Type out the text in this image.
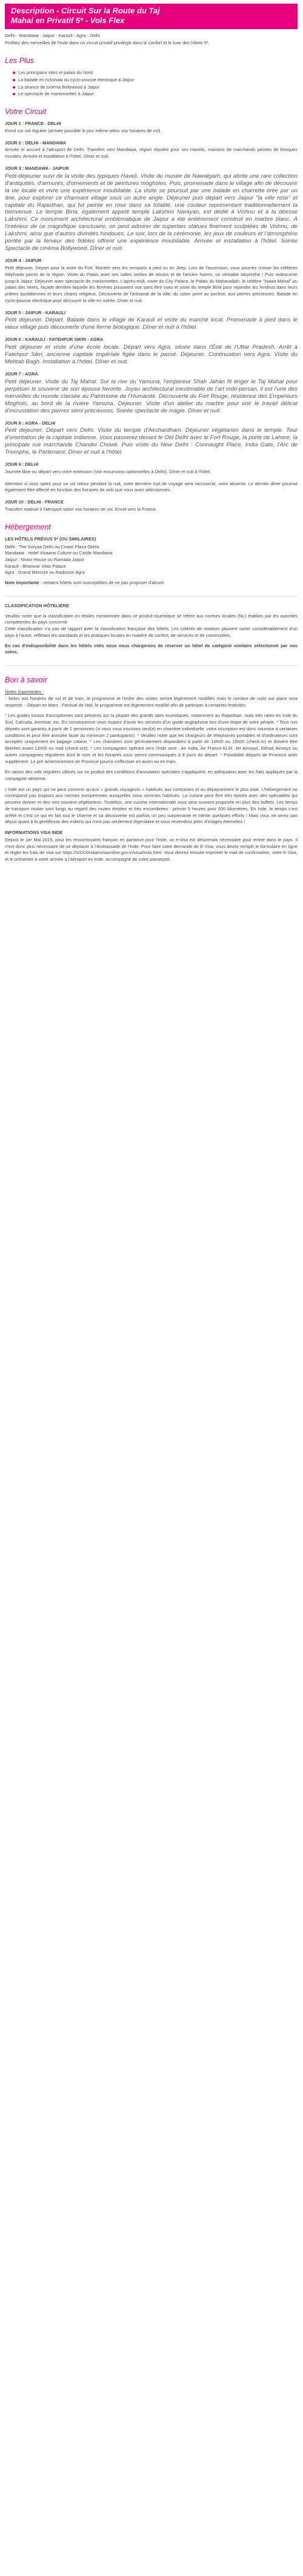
Description - Circuit Sur la Route du Taj
Mahal en Privatif 5* - Vols Flex

Delhi - Mandawa - Jaipur - Karauli - Agra - Delhi

Profitez des merveilles de l'Inde dans un circuit privatif privilégié dans le confort et le luxe des hôtels 5*.

Les Plus
Les principaux sites et palais du Nord
La balade en rickshaw ou cyclo-pousse électrique à Jaipur
La séance de cinéma Bollywood à Jaipur
Le spectacle de marionnettes à Jaipur
Votre Circuit
JOUR 1 : FRANCE - DELHI

Envol sur vol régulier (arrivée possible le jour même selon vos horaires de vol).

JOUR 2 : DELHI - MANDAWA

Arrivée et accueil à l'aéroport de Delhi. Transfert vers Mandawa, région réputée pour ses Havelis, maisons de marchands peintes de fresques murales. Arrivée et installation à l'hôtel. Dîner et nuit.

JOUR 3 : MANDAWA - JAIPUR

Petit-déjeuner suivi de la visite des typiques Haveli. Visite du musée de Nawalgarh, qui abrite une rare collection d'antiquités, d'armures, d'ornements et de peintures mogholes. Puis, promenade dans le village afin de découvrir la vie locale et vivre une expérience inoubliable. La visite se poursuit par une balade en charrette tirée par un âne, pour explorer ce charmant village sous un autre angle. Déjeuner puis départ vers Jaipur "la ville rose" et capitale du Rajasthan, qui fut peinte en rose dans sa totalité, une couleur représentant traditionnellement la bienvenue. Le temple Birla, également appelé temple Lakshmi Narayan, est dédié à Vishnu et à la déesse Lakshmi. Ce monument architectural emblématique de Jaipur a été entièrement construit en marbre blanc. À l'intérieur de ce magnifique sanctuaire, on peut admirer de superbes statues finement sculptées de Vishnu, de Lakshmi, ainsi que d'autres divinités hindoues. Le soir, lors de la cérémonie, les jeux de couleurs et l'atmosphère portée par la ferveur des fidèles offrent une expérience inoubliable. Arrivée et installation à l'hôtel. Soirée Spectacle de cinéma Bollywood. Dîner et nuit.

JOUR 4 : JAIPUR

Petit déjeuner. Départ pour la visite du Fort. Montée vers les remparts à pied ou en Jeep. Lors de l'ascension, vous pourrez croiser les célèbres éléphants peints de la région. Visite du Palais avec ses salles serties de miroirs et de l'ancien harem, un véritable labyrinthe ! Puis redescente jusqu'à Jaipur. Déjeuner avec spectacle de marionnettes. L'après-midi, visite du City Palace, le Palais du Maharadjah, le célèbre "Hawa Mahal" ou palais des Vents, façade derrière laquelle les femmes pouvaient voir sans être vues et visite du temple Birla pour rejoindre les hindous dans leurs prières quotidiennes et leurs chants religieux. Découverte de l'artisanat de la ville, du coton peint au pochoir, aux pierres précieuses. Balade en cyclo-pousse électrique pour découvrir la ville en soirée. Dîner et nuit.

JOUR 5 : JAIPUR - KARAULI

Petit déjeuner. Départ. Balade dans le village de Karauli et visite du marché local. Promenade à pied dans le vieux village puis découverte d'une ferme biologique. Dîner et nuit à l'hôtel.

JOUR 6 : KARAULI - FATEHPUR SIKRI - AGRA

Petit déjeuner et visite d'une école locale. Départ vers Agra, située dans l'État de l'Uttar Pradesh. Arrêt à Fatehpur Sikri, ancienne capitale impériale figée dans le passé. Déjeuner. Continuation vers Agra. Visite du Mehtab Bagh. Installation à l'hôtel. Dîner et nuit.

JOUR 7 : AGRA

Petit déjeuner. Visite du Taj Mahal. Sur la rive du Yamuna, l'empereur Shah Jahan fit ériger le Taj Mahal pour perpétuer le souvenir de son épouse favorite. Joyau architectural inestimable de l'art indo-persan, il est l'une des merveilles du monde classée au Patrimoine de l'Humanité. Découverte du Fort Rouge, résidence des Empereurs Moghols, au bord de la rivière Yamuna. Déjeuner. Visite d'un atelier du marbre pour voir le travail délicat d'incrustation des pierres semi précieuses. Soirée spectacle de magie. Dîner et nuit.

JOUR 8 : AGRA - DELHI

Petit déjeuner. Départ vers Delhi. Visite du temple d'Akshardham. Déjeuner végétarien dans le temple. Tour d'orientation de la capitale indienne. Vous passerez devant le Old Delhi avec le Fort Rouge, la porte de Lahore, la principale rue marchande Chandni Chowk. Puis visite du New Delhi : Connaught Place, India Gate, l'Arc de Triomphe, le Parlement. Dîner et nuit à l'hôtel.

JOUR 9 : DELHI

Journée libre ou départ vers votre extension (voir excursions optionnelles à Delhi). Dîner et nuit à l'hôtel.

Attention si vous optez pour un vol retour pendant la nuit, votre dernière nuit de voyage sera raccourcie, voire absente. Le dernier dîner pourrait également être affecté en fonction des horaires de vols que vous avez sélectionnés.

JOUR 10 : DELHI - FRANCE

Transfert matinal à l'aéroport selon vos horaires de vol. Envol vers la France.

Hébergement
LES HÔTELS PRÉVUS 5* (OU SIMILAIRES)

Delhi : The Suryaa Delhi ou Crown Plaza Okhla

Mandawa : Hotel Vivaana Culture ou Castle Mandawa

Jaipur : Niravi House ou Ramada Jaipur

Karauli : Bhanwar Vilas Palace

Agra : Grand Mercure ou Radisson Agra

Note importante : certains hôtels sont susceptibles de ne pas proposer d'alcool.

CLASSIFICATION HÔTELIÈRE

Veuillez noter que la classification en étoiles mentionnée dans ce produit touristique se réfère aux normes locales (NL) établies par les autorités compétentes du pays concerné.

Cette classification n'a pas de rapport avec la classification française des hôtels. Les critères de notation peuvent varier considérablement d'un pays à l'autre, reflétant les standards et les pratiques locales en matière de confort, de services et de commodités.

En cas d'indisponibilité dans les hôtels cités nous nous chargerons de réserver un hôtel de catégorie similaire sélectionné par nos soins.

Bon à savoir

Notes importantes :

- Selon vos horaires de vol et de train, le programme et l'ordre des visites seront légèrement modifiés mais le nombre de nuits sur place sera respecté. - Départ en Mars : Festival de Holi, le programme est légèrement modifié afin de participer à certaines festivités.

* Les guides locaux francophones sont présents sur la plupart des grands sites touristiques, notamment au Rajasthan, mais très rares en Inde du Sud, Calcutta, Amritsar, etc. En conséquence vous risquez d'avoir les services d'un guide anglophone lors d'une étape de votre périple. * Tous nos départs sont garantis à partir de 2 personnes (si vous vous inscrivez seul(e) en chambre individuelle, votre inscription est donc soumise à certaines conditions et peut être annulée faute du minimum 2 participants). * Veuillez noter que les chargeurs de téléphones portables et d'ordinateurs sont acceptés uniquement en bagage cabine. * Les chambres sont généralement disponibles à partir de 14h00 ou 15h00 (check-in) et doivent être libérées avant 11h00 ou midi (check-out). * Les compagnies opérant vers l'Inde sont : Air India, Air France-KLM, Jet Airways, Etihad Airways ou autres compagnies régulières dont le nom et les horaires vous seront communiqués à 8 jours du départ. * Possibilité départs de Province avec supplément. Le pré acheminement de Province pourra s'effectuer en avion ou en train.

En raison des vols réguliers utilisés sur ce produit des conditions d'annulation spéciales s'appliquent, en adéquation avec les frais appliqués par la compagnie aérienne.

L'Inde est un pays qui ne peut convenir qu'aux « grands voyageurs » habitués aux contrastes et au dépaysement le plus total. L'hébergement ne correspond pas toujours aux normes européennes auxquelles nous sommes habitués. La cuisine peut être très épicée avec des spécialités qui peuvent donner et des vins souvent végétariens. Toutefois, une cuisine internationale vous sera souvent proposée en plus des buffets. Les temps de transport routier sont longs au regard des routes étroites et très encombrées : prévoir 5 heures pour 200 kilomètres. En Inde, le temps s'est arrêté et c'est ce qui en fait tout le charme et sa découverte est parfois un peu surprenante et mérite quelques efforts ! Mais vous ne serez pas déçus quant à la gentillesse des indiens qui n'est pas seulement légendaire et vous reviendrez plein d'images éternelles !

INFORMATIONS VISA INDE

Depuis le 1er Mai 2015, pour les ressortissants français en partance pour l'Inde, un e-visa est désormais nécessaire pour entrer dans le pays. Il n'est donc plus nécessaire de se déplacer à l'Ambassade de l'Inde. Pour faire votre demande de E-Visa, vous devez remplir le formulaire en ligne et régler les frais de visa sur https://XXXXindianvisaonline.gov.in/visa/tvoa.html. Vous devrez ensuite imprimer le mail de confirmation, votre E-Visa, et le présenter à votre arrivée à l'aéroport en Inde, accompagné de votre passeport.
